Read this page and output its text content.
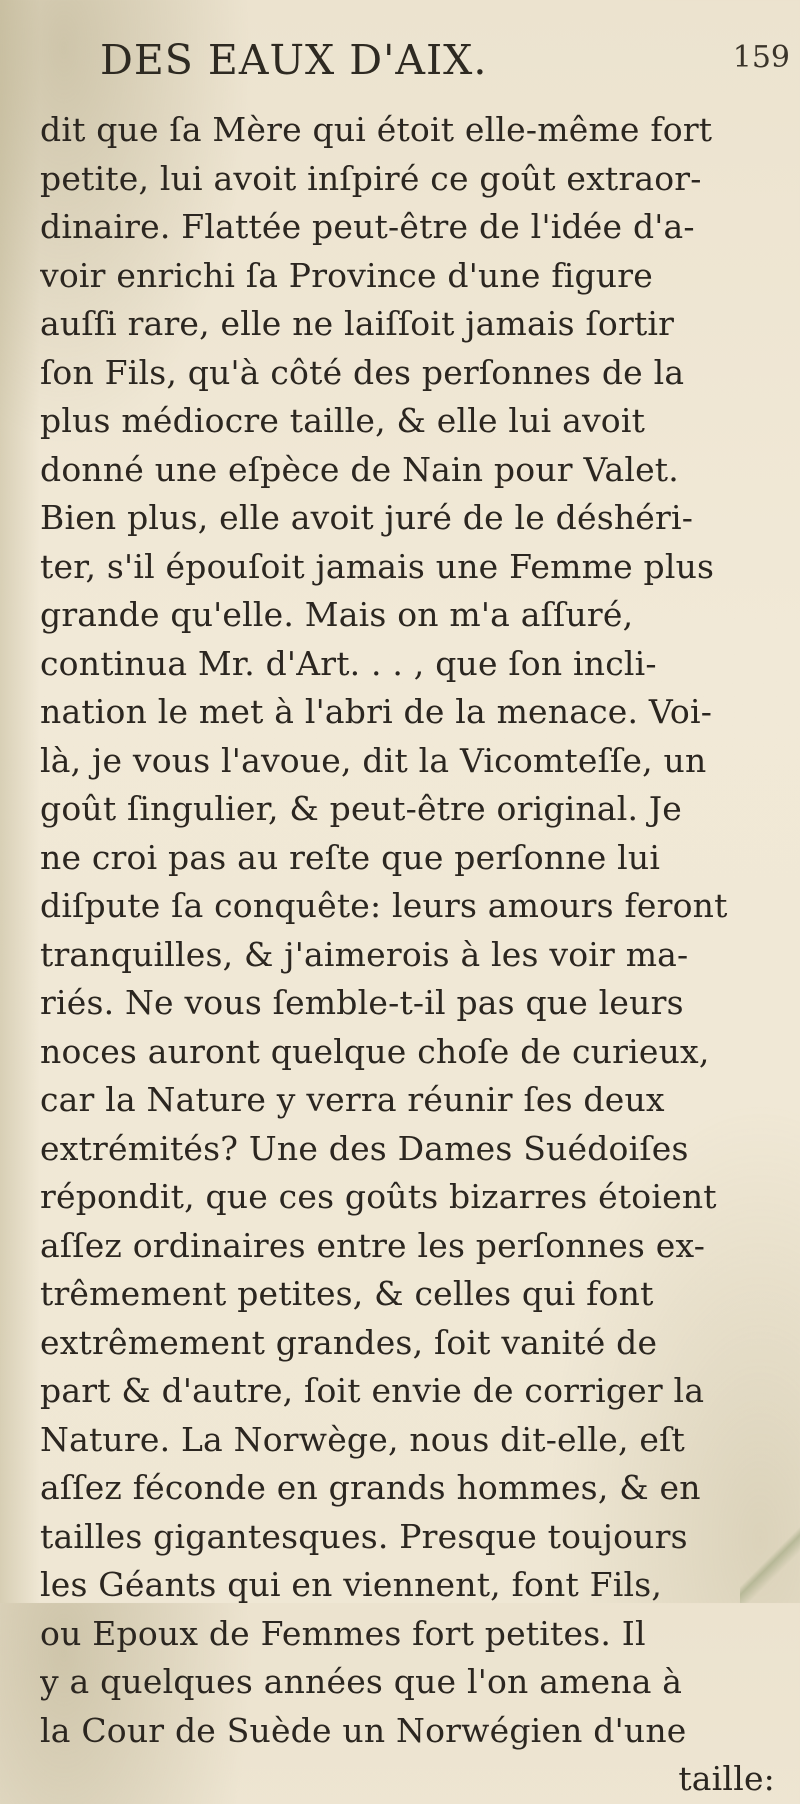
DES EAUX D'AIX.	159
dit que ſa Mère qui étoit elle-même fort
petite, lui avoit inſpiré ce goût extraor-
dinaire. Flattée peut-être de l'idée d'a-
voir enrichi ſa Province d'une figure
auſſi rare, elle ne laiſſoit jamais ſortir
ſon Fils, qu'à côté des perſonnes de la
plus médiocre taille, & elle lui avoit
donné une eſpèce de Nain pour Valet.
Bien plus, elle avoit juré de le déshéri-
ter, s'il épouſoit jamais une Femme plus
grande qu'elle. Mais on m'a aſſuré,
continua Mr. d'Art. . . , que ſon incli-
nation le met à l'abri de la menace. Voi-
là, je vous l'avoue, dit la Vicomteſſe, un
goût ſingulier, & peut-être original. Je
ne croi pas au reſte que perſonne lui
diſpute ſa conquête: leurs amours feront
tranquilles, & j'aimerois à les voir ma-
riés. Ne vous ſemble-t-il pas que leurs
noces auront quelque choſe de curieux,
car la Nature y verra réunir ſes deux
extrémités? Une des Dames Suédoiſes
répondit, que ces goûts bizarres étoient
aſſez ordinaires entre les perſonnes ex-
trêmement petites, & celles qui font
extrêmement grandes, ſoit vanité de
part & d'autre, ſoit envie de corriger la
Nature. La Norwège, nous dit-elle, eſt
aſſez féconde en grands hommes, & en
tailles gigantesques. Presque toujours
les Géants qui en viennent, font Fils,
ou Epoux de Femmes fort petites. Il
y a quelques années que l'on amena à
la Cour de Suède un Norwégien d'une
taille:
